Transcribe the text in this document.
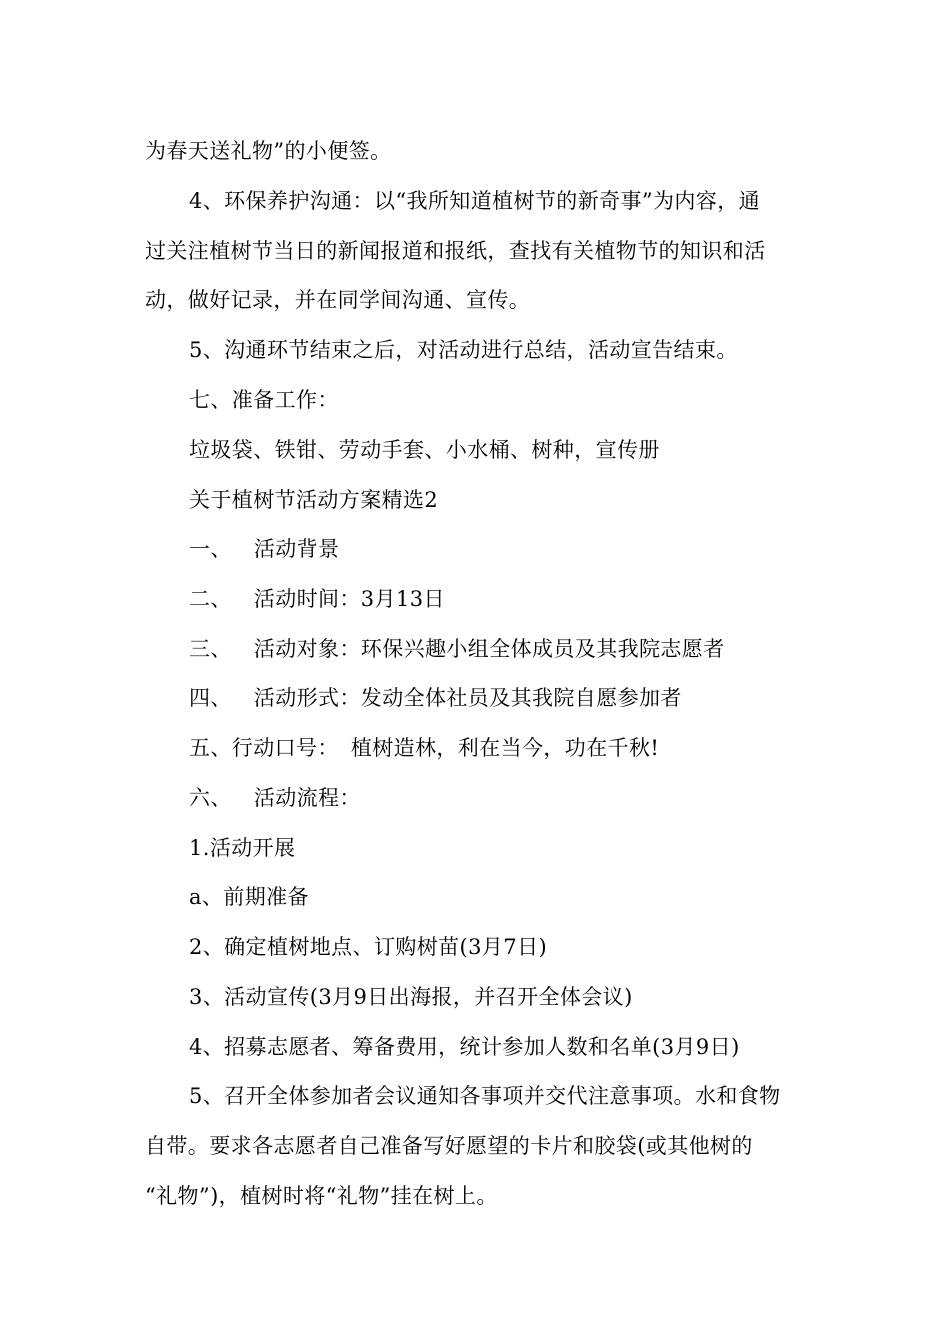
为春天送礼物”的小便签。
4、环保养护沟通：以“我所知道植树节的新奇事”为内容，通
过关注植树节当日的新闻报道和报纸，查找有关植物节的知识和活
动，做好记录，并在同学间沟通、宣传。
5、沟通环节结束之后，对活动进行总结，活动宣告结束。
七、准备工作：
垃圾袋、铁钳、劳动手套、小水桶、树种，宣传册
关于植树节活动方案精选2
一、 活动背景
二、 活动时间：3月13日
三、 活动对象：环保兴趣小组全体成员及其我院志愿者
四、 活动形式：发动全体社员及其我院自愿参加者
五、行动口号： 植树造林，利在当今，功在千秋!
六、 活动流程：
1.活动开展
a、前期准备
2、确定植树地点、订购树苗(3月7日)
3、活动宣传(3月9日出海报，并召开全体会议)
4、招募志愿者、筹备费用，统计参加人数和名单(3月9日)
5、召开全体参加者会议通知各事项并交代注意事项。水和食物
自带。要求各志愿者自己准备写好愿望的卡片和胶袋(或其他树的
“礼物”)，植树时将“礼物”挂在树上。
